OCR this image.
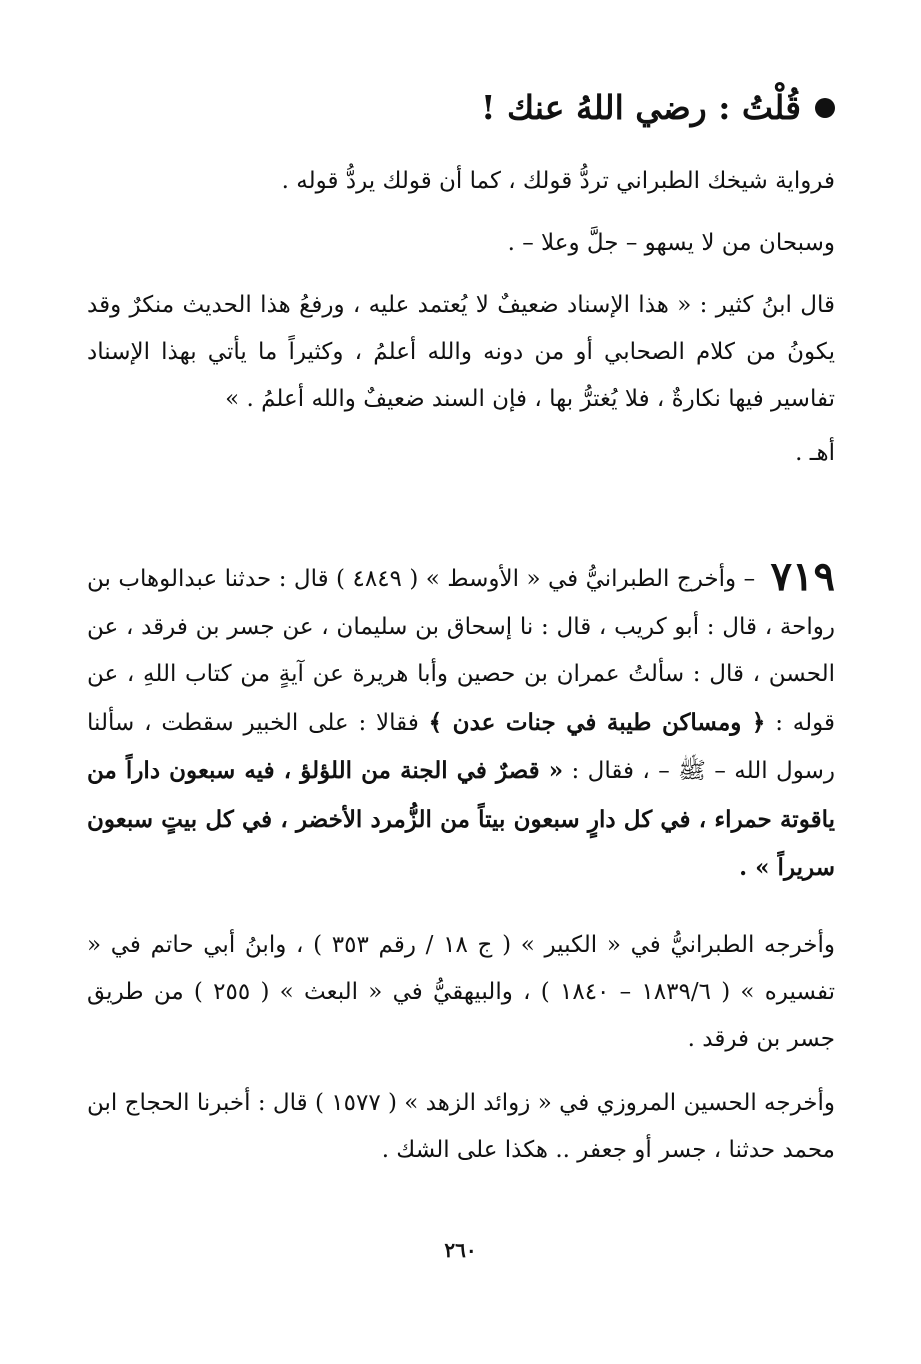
قُلْتُ : رضي اللهُ عنك !
فرواية شيخك الطبراني تردُّ قولك ، كما أن قولك يردُّ قوله .
وسبحان من لا يسهو – جلَّ وعلا – .
قال ابنُ كثير : « هذا الإسناد ضعيفٌ لا يُعتمد عليه ، ورفعُ هذا الحديث منكرٌ وقد يكونُ من كلام الصحابي أو من دونه والله أعلمُ ، وكثيراً ما يأتي بهذا الإسناد تفاسير فيها نكارةٌ ، فلا يُغترُّ بها ، فإن السند ضعيفٌ والله أعلمُ . »
أهـ .
٧١٩ – وأخرج الطبرانيُّ في « الأوسط » ( ٤٨٤٩ ) قال : حدثنا عبدالوهاب بن رواحة ، قال : أبو كريب ، قال : نا إسحاق بن سليمان ، عن جسر بن فرقد ، عن الحسن ، قال : سألتُ عمران بن حصين وأبا هريرة عن آيةٍ من كتاب اللهِ ، عن قوله : ﴿ ومساكن طيبة في جنات عدن ﴾ فقالا : على الخبير سقطت ، سألنا رسول الله – ﷺ – ، فقال : « قصرٌ في الجنة من اللؤلؤ ، فيه سبعون داراً من ياقوتة حمراء ، في كل دارٍ سبعون بيتاً من الزُّمرد الأخضر ، في كل بيتٍ سبعون سريراً » .
وأخرجه الطبرانيُّ في « الكبير » ( ج ١٨ / رقم ٣٥٣ ) ، وابنُ أبي حاتم في « تفسيره » ( ١٨٣٩/٦ – ١٨٤٠ ) ، والبيهقيُّ في « البعث » ( ٢٥٥ ) من طريق جسر بن فرقد .
وأخرجه الحسين المروزي في « زوائد الزهد » ( ١٥٧٧ ) قال : أخبرنا الحجاج ابن محمد حدثنا ، جسر أو جعفر .. هكذا على الشك .
٢٦٠
